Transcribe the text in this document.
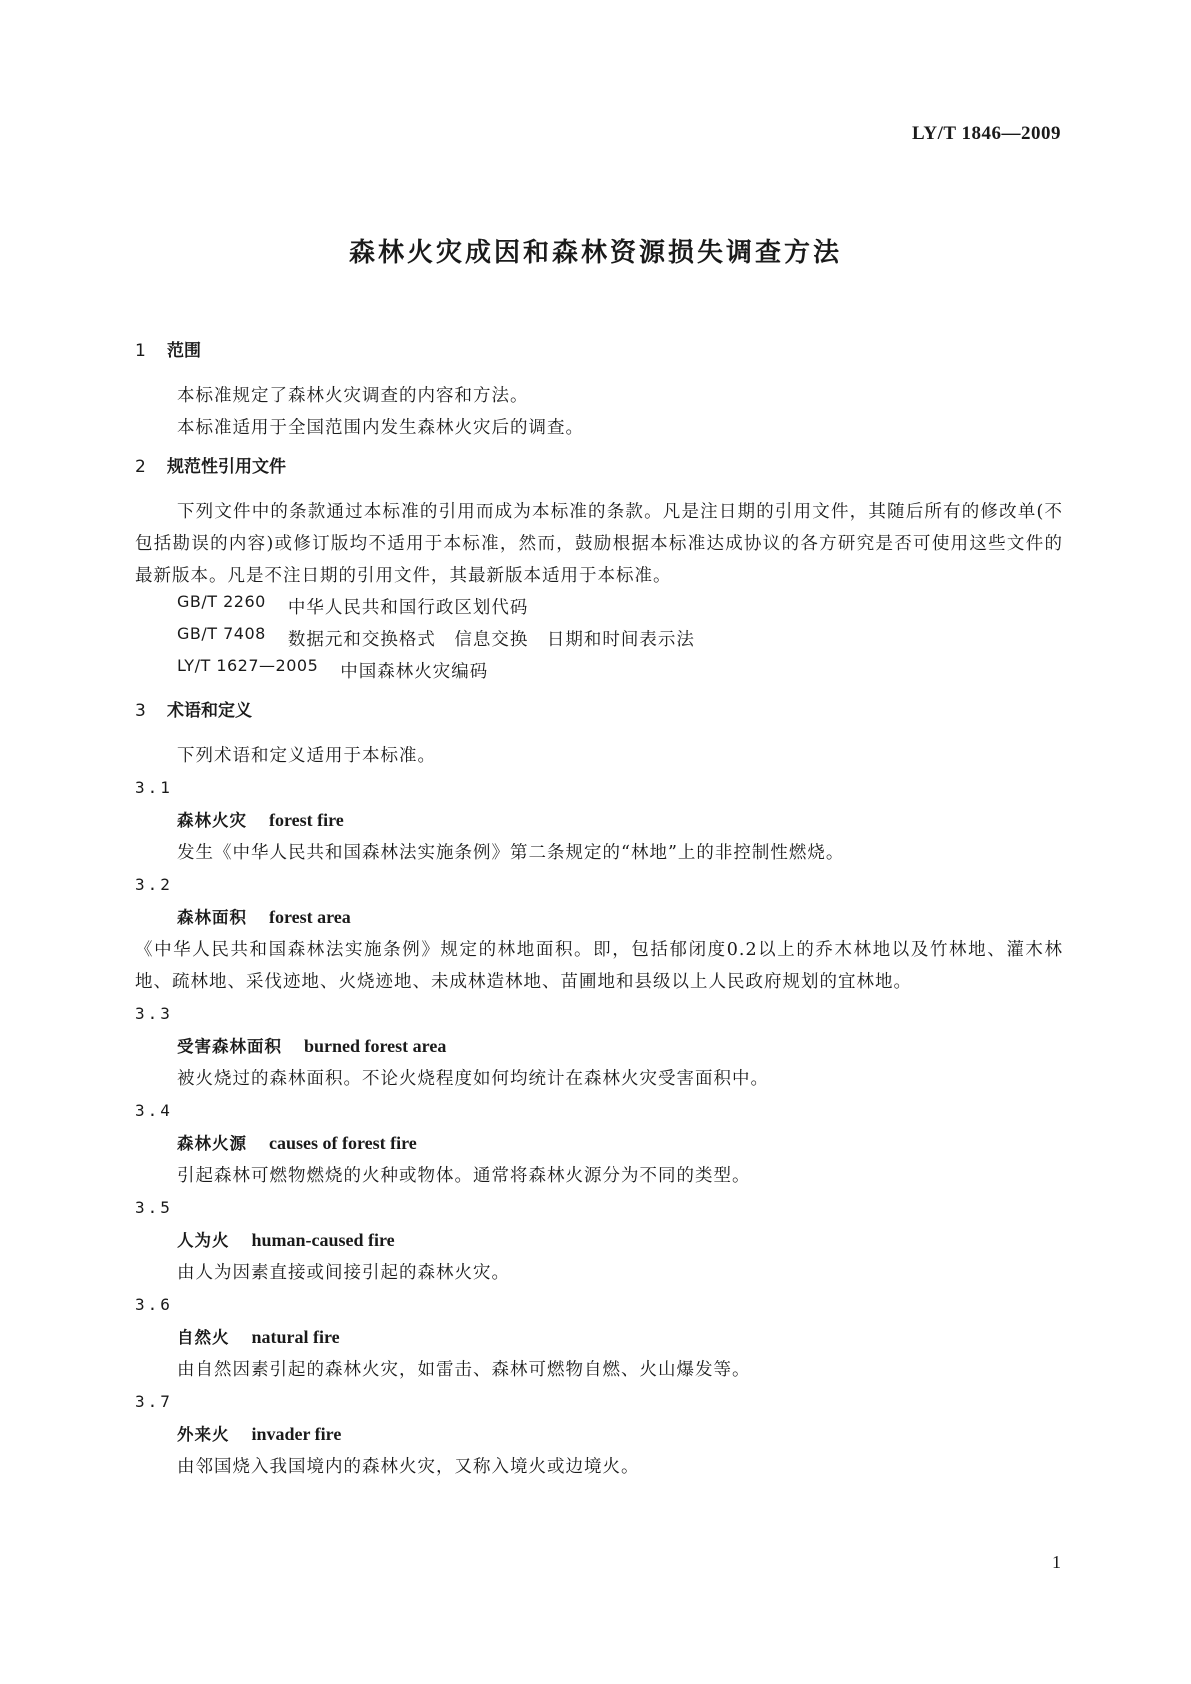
LY/T 1846—2009
森林火灾成因和森林资源损失调查方法
1	范围

本标准规定了森林火灾调查的内容和方法。

本标准适用于全国范围内发生森林火灾后的调查。

2	规范性引用文件

下列文件中的条款通过本标准的引用而成为本标准的条款。凡是注日期的引用文件，其随后所有的修改单(不包括勘误的内容)或修订版均不适用于本标准，然而，鼓励根据本标准达成协议的各方研究是否可使用这些文件的最新版本。凡是不注日期的引用文件，其最新版本适用于本标准。

GB/T 2260 中华人民共和国行政区划代码

GB/T 7408 数据元和交换格式　信息交换　日期和时间表示法

LY/T 1627—2005 中国森林火灾编码

3	术语和定义

下列术语和定义适用于本标准。

3.1
森林火灾 forest fire

发生《中华人民共和国森林法实施条例》第二条规定的“林地”上的非控制性燃烧。

3.2
森林面积 forest area

《中华人民共和国森林法实施条例》规定的林地面积。即，包括郁闭度0.2以上的乔木林地以及竹林地、灌木林地、疏林地、采伐迹地、火烧迹地、未成林造林地、苗圃地和县级以上人民政府规划的宜林地。

3.3
受害森林面积 burned forest area

被火烧过的森林面积。不论火烧程度如何均统计在森林火灾受害面积中。

3.4
森林火源 causes of forest fire

引起森林可燃物燃烧的火种或物体。通常将森林火源分为不同的类型。

3.5
人为火 human-caused fire

由人为因素直接或间接引起的森林火灾。

3.6
自然火 natural fire

由自然因素引起的森林火灾，如雷击、森林可燃物自燃、火山爆发等。

3.7
外来火 invader fire

由邻国烧入我国境内的森林火灾，又称入境火或边境火。

1
